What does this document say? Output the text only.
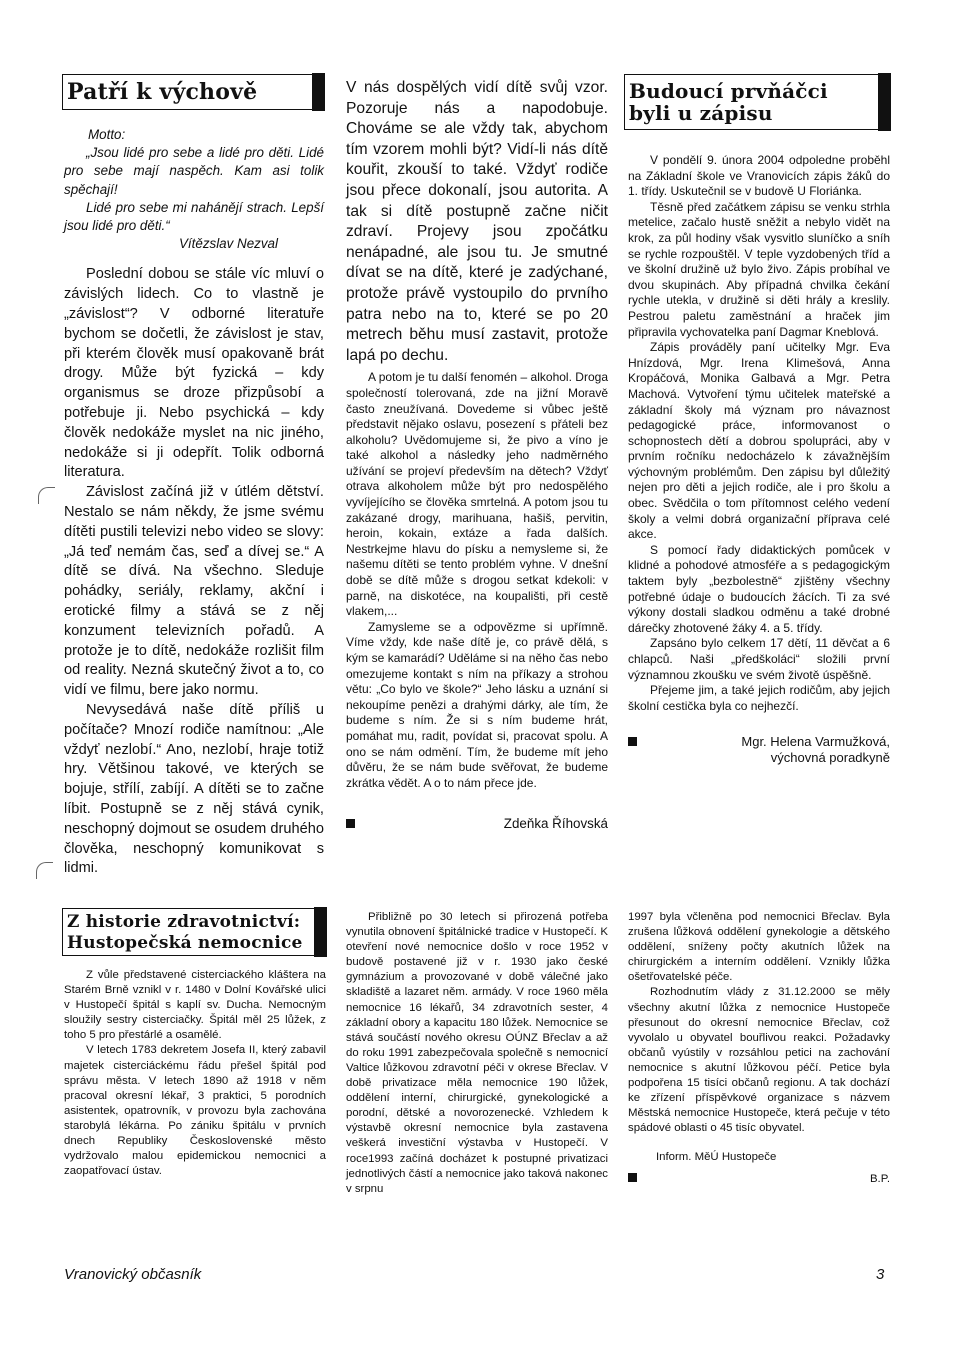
Patří k výchově

Motto:

„Jsou lidé pro sebe a lidé pro děti. Lidé pro sebe mají naspěch. Kam asi tolik spěchají!

Lidé pro sebe mi nahánějí strach. Lepší jsou lidé pro děti.“

Vítězslav Nezval

Poslední dobou se stále víc mluví o závislých lidech. Co to vlastně je „závislost“? V odborné literatuře bychom se dočetli, že závislost je stav, při kterém člověk musí opakovaně brát drogy. Může být fyzická – kdy organismus se droze přizpůsobí a potřebuje ji. Nebo psychická – kdy člověk nedokáže myslet na nic jiného, nedokáže si ji odepřít. Tolik odborná literatura.

Závislost začíná již v útlém dětství. Nestalo se nám někdy, že jsme svému dítěti pustili televizi nebo video se slovy: „Já teď nemám čas, seď a dívej se.“ A dítě se dívá. Na všechno. Sleduje pohádky, seriály, reklamy, akční i erotické filmy a stává se z něj konzument televizních pořadů. A protože je to dítě, nedokáže rozlišit film od reality. Nezná skutečný život a to, co vidí ve filmu, bere jako normu.

Nevysedává naše dítě příliš u počítače? Mnozí rodiče namítnou: „Ale vždyť nezlobí.“ Ano, nezlobí, hraje totiž hry. Většinou takové, ve kterých se bojuje, střílí, zabíjí. A dítěti se to začne líbit. Postupně se z něj stává cynik, neschopný dojmout se osudem druhého člověka, neschopný komunikovat s lidmi.

V nás dospělých vidí dítě svůj vzor. Pozoruje nás a napodobuje. Chováme se ale vždy tak, abychom tím vzorem mohli být? Vidí-li nás dítě kouřit, zkouší to také. Vždyť rodiče jsou přece dokonalí, jsou autorita. A tak si dítě postupně začne ničit zdraví. Projevy jsou zpočátku nenápadné, ale jsou tu. Je smutné dívat se na dítě, které je zadýchané, protože právě vystoupilo do prvního patra nebo na to, které se po 20 metrech běhu musí zastavit, protože lapá po dechu.

A potom je tu další fenomén – alkohol. Droga společností tolerovaná, zde na jižní Moravě často zneužívaná. Dovedeme si vůbec ještě představit nějako oslavu, posezení s přáteli bez alkoholu? Uvědomujeme si, že pivo a víno je také alkohol a následky jeho nadměrného užívání se projeví především na dětech? Vždyť otrava alkoholem může být pro nedospělého vyvíjejícího se člověka smrtelná. A potom jsou tu zakázané drogy, marihuana, hašiš, pervitin, heroin, kokain, extáze a řada dalších. Nestrkejme hlavu do písku a nemysleme si, že našemu dítěti se tento problém vyhne. V dnešní době se dítě může s drogou setkat kdekoli: v parně, na diskotéce, na koupališti, při cestě vlakem,...

Zamysleme se a odpovězme si upřímně. Víme vždy, kde naše dítě je, co právě dělá, s kým se kamarádí? Uděláme si na něho čas nebo omezujeme kontakt s ním na příkazy a strohou větu: „Co bylo ve škole?“ Jeho lásku a uznání si nekoupíme penězi a drahými dárky, ale tím, že budeme s ním. Že si s ním budeme hrát, pomáhat mu, radit, povídat si, pracovat spolu. A ono se nám odmění. Tím, že budeme mít jeho důvěru, že se nám bude svěřovat, že budeme zkrátka vědět. A o to nám přece jde.

Zdeňka Říhovská

Budoucí prvňáčci
byli u zápisu

V pondělí 9. února 2004 odpoledne proběhl na Základní škole ve Vranovicích zápis žáků do 1. třídy. Uskutečnil se v budově U Floriánka.

Těsně před začátkem zápisu se venku strhla metelice, začalo hustě sněžit a nebylo vidět na krok, za půl hodiny však vysvitlo sluníčko a sníh se rychle rozpouštěl. V teple vyzdobených tříd a ve školní družině už bylo živo. Zápis probíhal ve dvou skupinách. Aby případná chvilka čekání rychle utekla, v družině si děti hrály a kreslily. Pestrou paletu zaměstnání a hraček jim připravila vychovatelka paní Dagmar Kneblová.

Zápis prováděly paní učitelky Mgr. Eva Hnízdová, Mgr. Irena Klimešová, Anna Kropáčová, Monika Galbavá a Mgr. Petra Machová. Vytvoření týmu učitelek mateřské a základní školy má význam pro návaznost pedagogické práce, informovanost o schopnostech dětí a dobrou spolupráci, aby v prvním ročníku nedocházelo k závažnějším výchovným problémům. Den zápisu byl důležitý nejen pro děti a jejich rodiče, ale i pro školu a obec. Svědčila o tom přítomnost celého vedení školy a velmi dobrá organizační příprava celé akce.

S pomocí řady didaktických pomůcek v klidné a pohodové atmosféře a s pedagogickým taktem byly „bezbolestně“ zjištěny všechny potřebné údaje o budoucích žácích. Ti za své výkony dostali sladkou odměnu a také drobné dárečky zhotovené žáky 4. a 5. třídy.

Zapsáno bylo celkem 17 dětí, 11 děvčat a 6 chlapců. Naši „předškoláci“ složili první významnou zkoušku ve svém životě úspěšně.

Přejeme jim, a také jejich rodičům, aby jejich školní cestička byla co nejhezčí.

Mgr. Helena Varmužková,

výchovná poradkyně

Z historie zdravotnictví:
Hustopečská nemocnice

Z vůle představené cisterciackého kláštera na Starém Brně vznikl v r. 1480 v Dolní Kovářské ulici v Hustopečí špitál s kaplí sv. Ducha. Nemocným sloužily sestry cisterciačky. Špitál měl 25 lůžek, z toho 5 pro přestárlé a osamělé.

V letech 1783 dekretem Josefa II, který zabavil majetek cisterciáckému řádu přešel špitál pod správu města. V letech 1890 až 1918 v něm pracoval okresní lékař, 3 praktici, 5 porodních asistentek, opatrovník, v provozu byla zachována starobylá lékárna. Po zániku špitálu v prvních dnech Republiky Československé město vydržovalo malou epidemickou nemocnici a zaopatřovací ústav.

Přibližně po 30 letech si přirozená potřeba vynutila obnovení špitálnické tradice v Hustopečí. K otevření nové nemocnice došlo v roce 1952 v budově postavené již v r. 1930 jako české gymnázium a provozované v době válečné jako skladiště a lazaret něm. armády. V roce 1960 měla nemocnice 16 lékařů, 34 zdravotních sester, 4 základní obory a kapacitu 180 lůžek. Nemocnice se stává součástí nového okresu OÚNZ Břeclav a až do roku 1991 zabezpečovala společně s nemocnicí Valtice lůžkovou zdravotní péči v okrese Břeclav. V době privatizace měla nemocnice 190 lůžek, oddělení interní, chirurgické, gynekologické a porodní, dětské a novorozenecké. Vzhledem k výstavbě okresní nemocnice byla zastavena veškerá investiční výstavba v Hustopečí. V roce1993 začíná docházet k postupné privatizaci jednotlivých částí a nemocnice jako taková nakonec v srpnu

1997 byla včleněna pod nemocnici Břeclav. Byla zrušena lůžková oddělení gynekologie a dětského oddělení, sníženy počty akutních lůžek na chirurgickém a interním oddělení. Vznikly lůžka ošetřovatelské péče.

Rozhodnutím vlády z 31.12.2000 se měly všechny akutní lůžka z nemocnice Hustopeče přesunout do okresní nemocnice Břeclav, což vyvolalo u obyvatel bouřlivou reakci. Požadavky občanů vyústily v rozsáhlou petici na zachování nemocnice s akutní lůžkovou péčí. Petice byla podpořena 15 tisíci občanů regionu. A tak dochází ke zřízení příspěvkové organizace s názvem Městská nemocnice Hustopeče, která pečuje v této spádové oblasti o 45 tisíc obyvatel.

Inform. MěÚ Hustopeče

B.P.

Vranovický občasník	3
